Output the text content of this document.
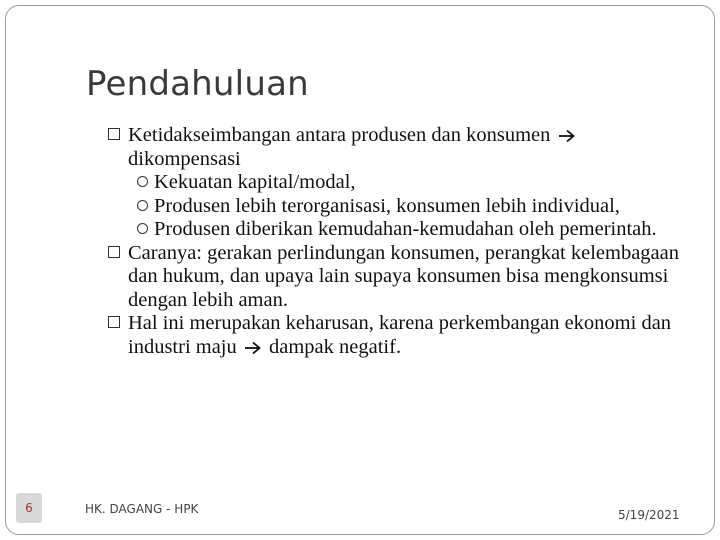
Pendahuluan
Ketidakseimbangan antara produsen dan konsumen  dikompensasi
Kekuatan kapital/modal,
Produsen lebih terorganisasi, konsumen lebih individual,
Produsen diberikan kemudahan-kemudahan oleh pemerintah.
Caranya: gerakan perlindungan konsumen, perangkat kelembagaan dan hukum, dan upaya lain supaya konsumen bisa mengkonsumsi dengan lebih aman.
Hal ini merupakan keharusan, karena perkembangan ekonomi dan industri maju dampak negatif.
HK. DAGANG - HPK	5/19/2021
6
